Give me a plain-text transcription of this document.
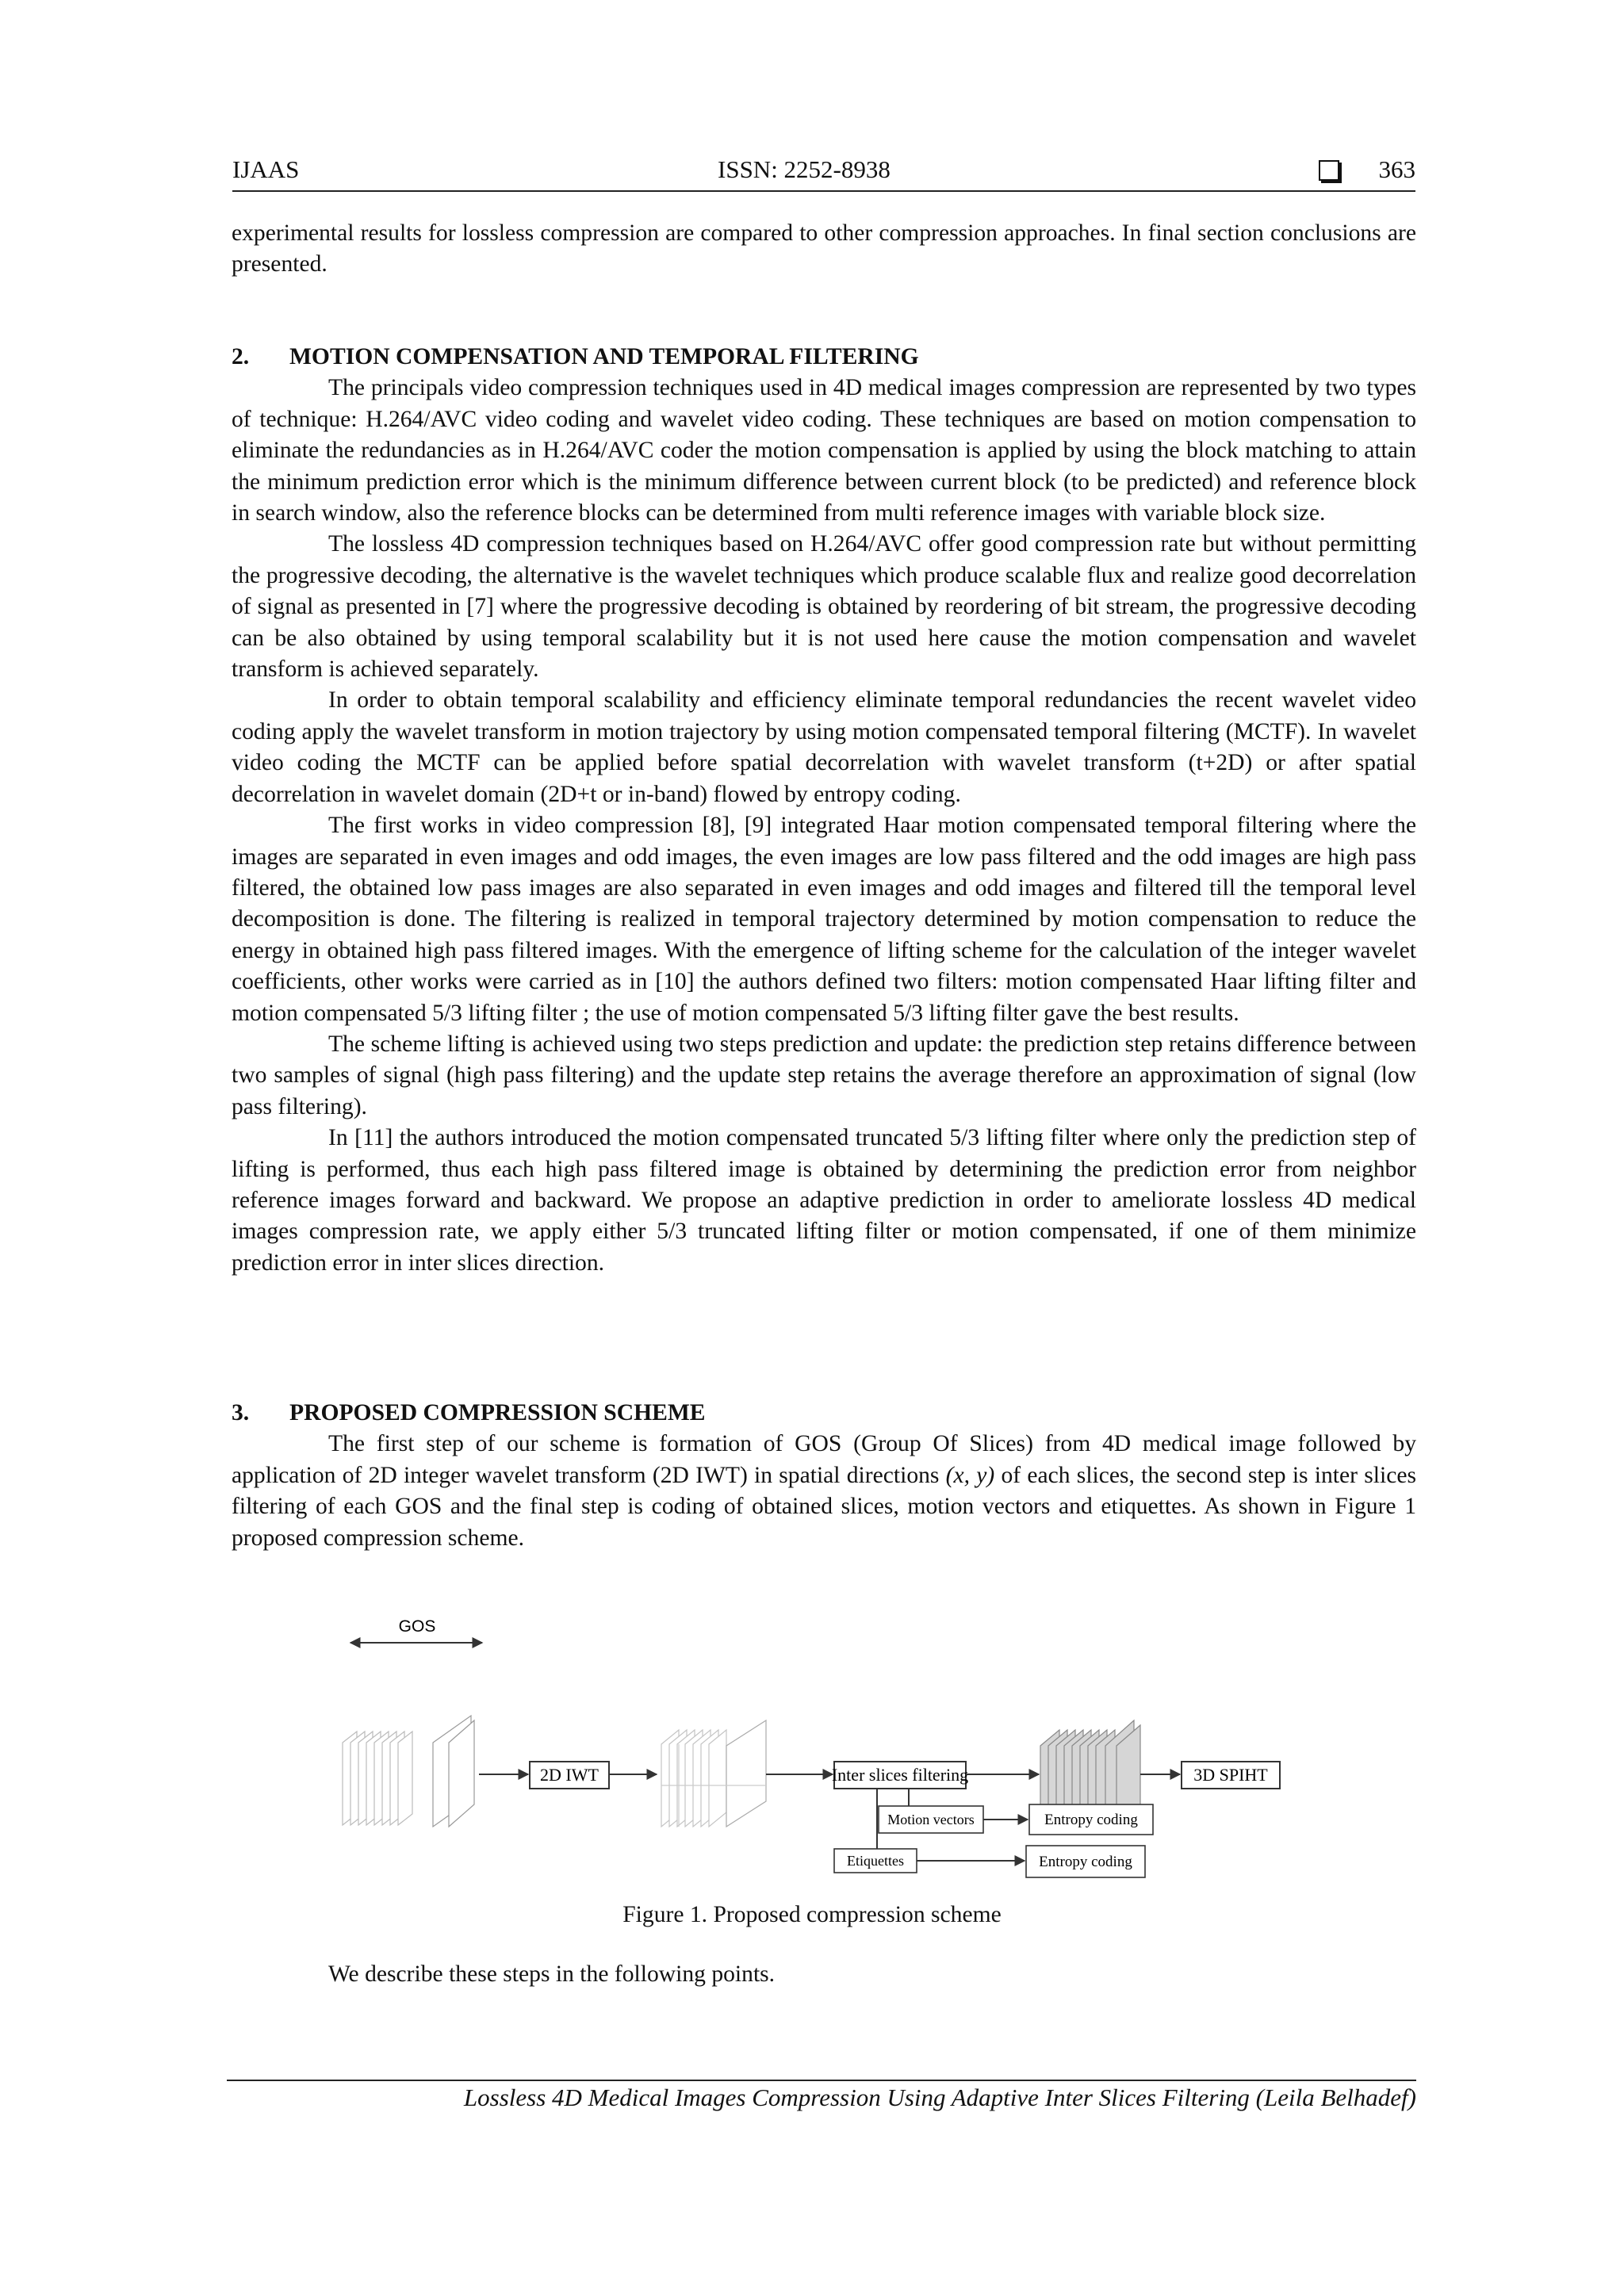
IJAAS	ISSN: 2252-8938	363

experimental results for lossless compression are compared to other compression approaches. In final section conclusions are presented.

2. MOTION COMPENSATION AND TEMPORAL FILTERING

The principals video compression techniques used in 4D medical images compression are represented by two types of technique: H.264/AVC video coding and wavelet video coding. These techniques are based on motion compensation to eliminate the redundancies as in H.264/AVC coder the motion compensation is applied by using the block matching to attain the minimum prediction error which is the minimum difference between current block (to be predicted) and reference block in search window, also the reference blocks can be determined from multi reference images with variable block size.

The lossless 4D compression techniques based on H.264/AVC offer good compression rate but without permitting the progressive decoding, the alternative is the wavelet techniques which produce scalable flux and realize good decorrelation of signal as presented in [7] where the progressive decoding is obtained by reordering of bit stream, the progressive decoding can be also obtained by using temporal scalability but it is not used here cause the motion compensation and wavelet transform is achieved separately.

In order to obtain temporal scalability and efficiency eliminate temporal redundancies the recent wavelet video coding apply the wavelet transform in motion trajectory by using motion compensated temporal filtering (MCTF). In wavelet video coding the MCTF can be applied before spatial decorrelation with wavelet transform (t+2D) or after spatial decorrelation in wavelet domain (2D+t or in-band) flowed by entropy coding.

The first works in video compression [8], [9] integrated Haar motion compensated temporal filtering where the images are separated in even images and odd images, the even images are low pass filtered and the odd images are high pass filtered, the obtained low pass images are also separated in even images and odd images and filtered till the temporal level decomposition is done. The filtering is realized in temporal trajectory determined by motion compensation to reduce the energy in obtained high pass filtered images. With the emergence of lifting scheme for the calculation of the integer wavelet coefficients, other works were carried as in [10] the authors defined two filters: motion compensated Haar lifting filter and motion compensated 5/3 lifting filter ; the use of motion compensated 5/3 lifting filter gave the best results.

The scheme lifting is achieved using two steps prediction and update: the prediction step retains difference between two samples of signal (high pass filtering) and the update step retains the average therefore an approximation of signal (low pass filtering).

In [11] the authors introduced the motion compensated truncated 5/3 lifting filter where only the prediction step of lifting is performed, thus each high pass filtered image is obtained by determining the prediction error from neighbor reference images forward and backward. We propose an adaptive prediction in order to ameliorate lossless 4D medical images compression rate, we apply either 5/3 truncated lifting filter or motion compensated, if one of them minimize prediction error in inter slices direction.

3. PROPOSED COMPRESSION SCHEME

The first step of our scheme is formation of GOS (Group Of Slices) from 4D medical image followed by application of 2D integer wavelet transform (2D IWT) in spatial directions (x, y) of each slices, the second step is inter slices filtering of each GOS and the final step is coding of obtained slices, motion vectors and etiquettes. As shown in Figure 1 proposed compression scheme.

GOS
2D IWT	Inter slices filtering	3D SPIHT
Motion vectors	Entropy coding
Etiquettes	Entropy coding
Figure 1. Proposed compression scheme
We describe these steps in the following points.
Lossless 4D Medical Images Compression Using Adaptive Inter Slices Filtering (Leila Belhadef)
